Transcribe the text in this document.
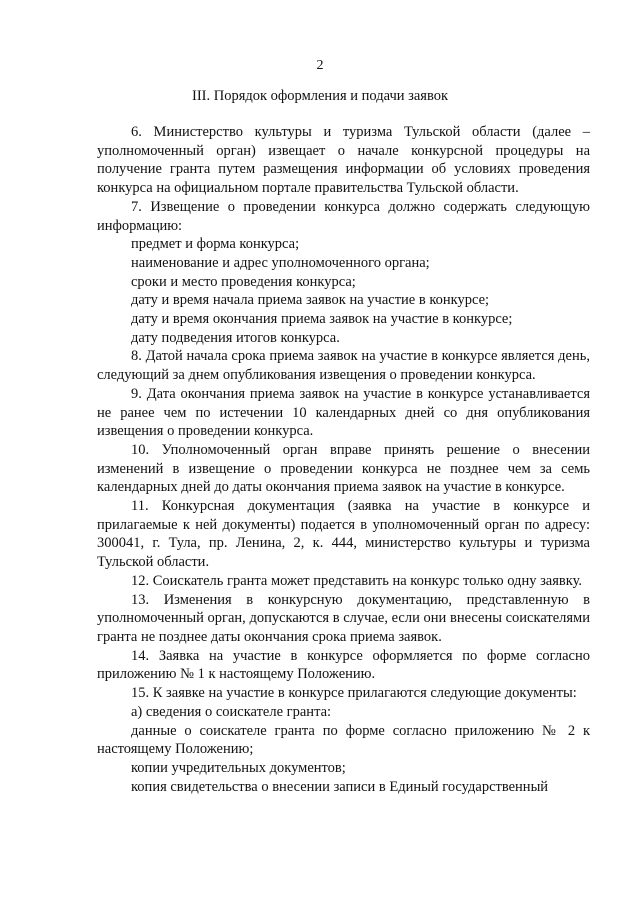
2
III. Порядок оформления и подачи заявок

6. Министерство культуры и туризма Тульской области (далее – уполномоченный орган) извещает о начале конкурсной процедуры на получение гранта путем размещения информации об условиях проведения конкурса на официальном портале правительства Тульской области.

7. Извещение о проведении конкурса должно содержать следующую информацию:

предмет и форма конкурса;

наименование и адрес уполномоченного органа;

сроки и место проведения конкурса;

дату и время начала приема заявок на участие в конкурсе;

дату и время окончания приема заявок на участие в конкурсе;

дату подведения итогов конкурса.

8. Датой начала срока приема заявок на участие в конкурсе является день, следующий за днем опубликования извещения о проведении конкурса.

9. Дата окончания приема заявок на участие в конкурсе устанавливается не ранее чем по истечении 10 календарных дней со дня опубликования извещения о проведении конкурса.

10. Уполномоченный орган вправе принять решение о внесении изменений в извещение о проведении конкурса не позднее чем за семь календарных дней до даты окончания приема заявок на участие в конкурсе.

11. Конкурсная документация (заявка на участие в конкурсе и прилагаемые к ней документы) подается в уполномоченный орган по адресу: 300041, г. Тула, пр. Ленина, 2, к. 444, министерство культуры и туризма Тульской области.

12. Соискатель гранта может представить на конкурс только одну заявку.

13. Изменения в конкурсную документацию, представленную в уполномоченный орган, допускаются в случае, если они внесены соискателями гранта не позднее даты окончания срока приема заявок.

14. Заявка на участие в конкурсе оформляется по форме согласно приложению № 1 к настоящему Положению.

15. К заявке на участие в конкурсе прилагаются следующие документы:

а) сведения о соискателе гранта:

данные о соискателе гранта по форме согласно приложению № 2 к настоящему Положению;

копии учредительных документов;

копия свидетельства о внесении записи в Единый государственный
